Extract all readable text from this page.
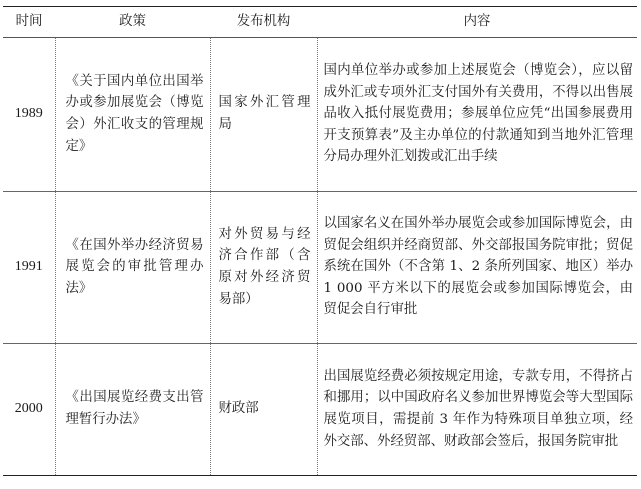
时间	政策	发布机构	内容
1989	《关于国内单位出国举办或参加展览会（博览会）外汇收支的管理规定》	国家外汇管理局	国内单位举办或参加上述展览会（博览会），应以留成外汇或专项外汇支付国外有关费用，不得以出售展品收入抵付展览费用；参展单位应凭“出国参展费用开支预算表”及主办单位的付款通知到当地外汇管理分局办理外汇划拨或汇出手续
1991	《在国外举办经济贸易展览会的审批管理办法》	对外贸易与经济合作部（含原对外经济贸易部）	以国家名义在国外举办展览会或参加国际博览会，由贸促会组织并经商贸部、外交部报国务院审批；贸促系统在国外（不含第 1、2 条所列国家、地区）举办 1 000 平方米以下的展览会或参加国际博览会，由贸促会自行审批
2000	《出国展览经费支出管理暂行办法》	财政部	出国展览经费必须按规定用途，专款专用，不得挤占和挪用；以中国政府名义参加世界博览会等大型国际展览项目，需提前 3 年作为特殊项目单独立项，经外交部、外经贸部、财政部会签后，报国务院审批
